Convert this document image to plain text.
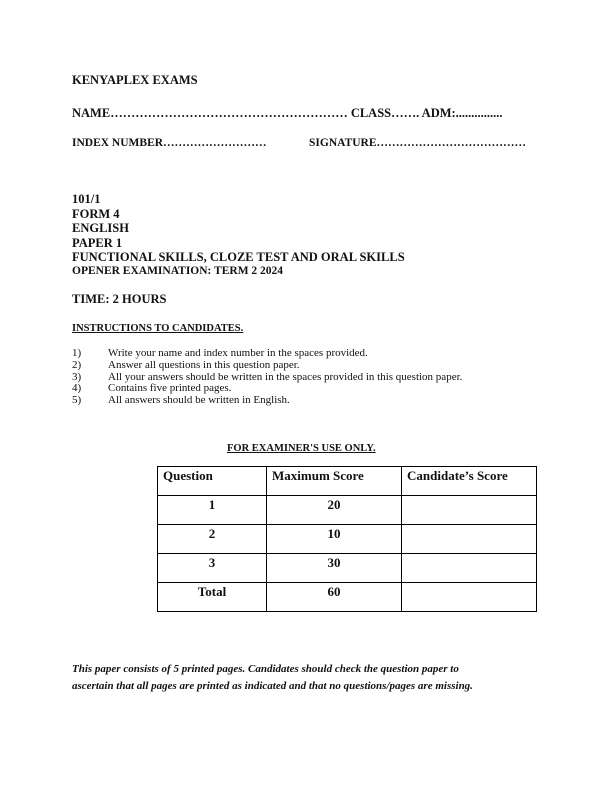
KENYAPLEX EXAMS
NAME………………………………………………… CLASS……. ADM:...............
INDEX NUMBER………………………	SIGNATURE…………………………………
101/1
FORM 4
ENGLISH
PAPER 1
FUNCTIONAL SKILLS, CLOZE TEST AND ORAL SKILLS
OPENER EXAMINATION: TERM 2 2024
TIME: 2 HOURS
INSTRUCTIONS TO CANDIDATES.
1) Write your name and index number in the spaces provided.
2) Answer all questions in this question paper.
3) All your answers should be written in the spaces provided in this question paper.
4) Contains five printed pages.
5) All answers should be written in English.
FOR EXAMINER'S USE ONLY.
Question	Maximum Score	Candidate’s Score
1	20	
2	10	
3	30	
Total	60	
This paper consists of 5 printed pages. Candidates should check the question paper to
ascertain that all pages are printed as indicated and that no questions/pages are missing.
